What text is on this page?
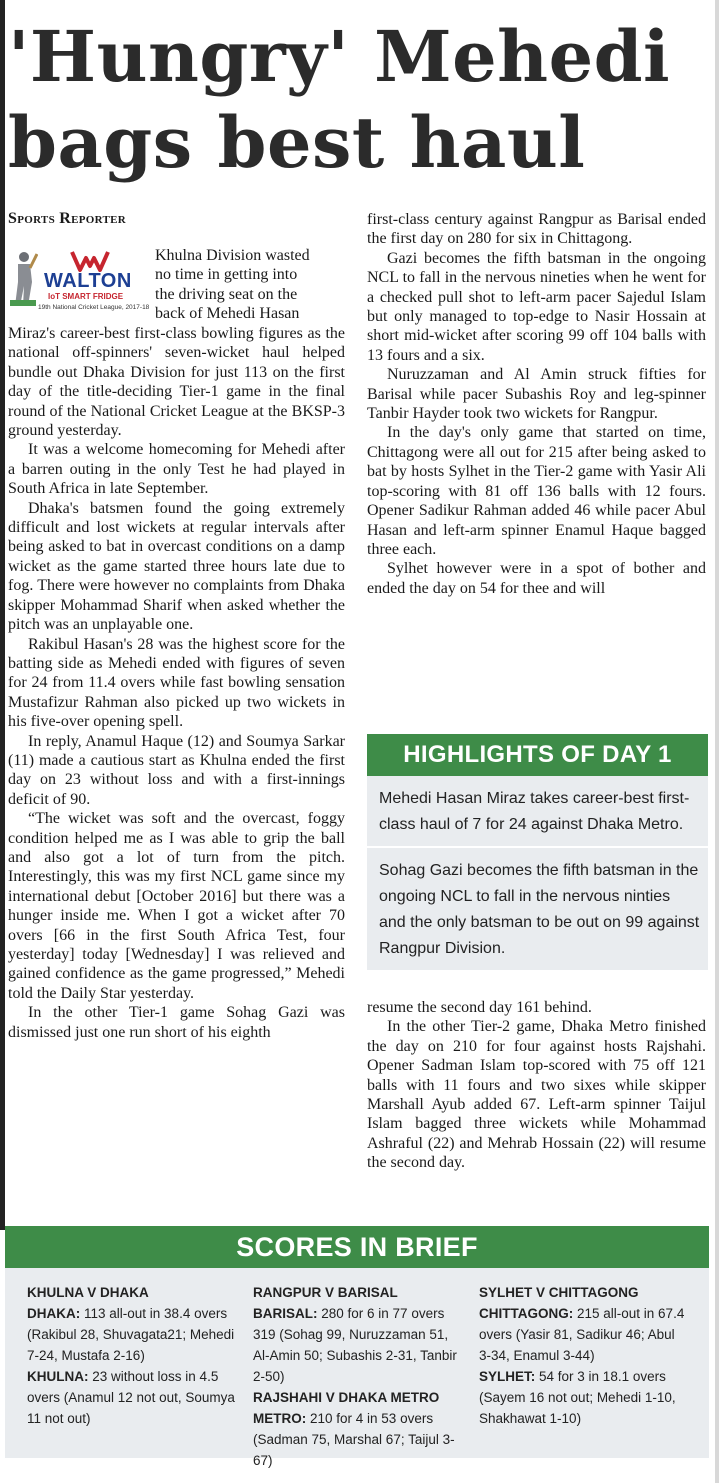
'Hungry' Mehedi
bags best haul
Sports Reporter
WALTON
IoT SMART FRIDGE
19th National Cricket League, 2017-18
Khulna Division wasted
no time in getting into
the driving seat on the
back of Mehedi Hasan

Miraz's career-best first-class bowling figures as the national off-spinners' seven-wicket haul helped bundle out Dhaka Division for just 113 on the first day of the title-deciding Tier-1 game in the final round of the National Cricket League at the BKSP-3 ground yesterday.

It was a welcome homecoming for Mehedi after a barren outing in the only Test he had played in South Africa in late September.

Dhaka's batsmen found the going extremely difficult and lost wickets at regular intervals after being asked to bat in overcast conditions on a damp wicket as the game started three hours late due to fog. There were however no complaints from Dhaka skipper Mohammad Sharif when asked whether the pitch was an unplayable one.

Rakibul Hasan's 28 was the highest score for the batting side as Mehedi ended with figures of seven for 24 from 11.4 overs while fast bowling sensation Mustafizur Rahman also picked up two wickets in his five-over opening spell.

In reply, Anamul Haque (12) and Soumya Sarkar (11) made a cautious start as Khulna ended the first day on 23 without loss and with a first-innings deficit of 90.

“The wicket was soft and the overcast, foggy condition helped me as I was able to grip the ball and also got a lot of turn from the pitch. Interestingly, this was my first NCL game since my international debut [October 2016] but there was a hunger inside me. When I got a wicket after 70 overs [66 in the first South Africa Test, four yesterday] today [Wednesday] I was relieved and gained confidence as the game progressed,” Mehedi told the Daily Star yesterday.

In the other Tier-1 game Sohag Gazi was dismissed just one run short of his eighth

first-class century against Rangpur as Barisal ended the first day on 280 for six in Chittagong.

Gazi becomes the fifth batsman in the ongoing NCL to fall in the nervous nineties when he went for a checked pull shot to left-arm pacer Sajedul Islam but only managed to top-edge to Nasir Hossain at short mid-wicket after scoring 99 off 104 balls with 13 fours and a six.

Nuruzzaman and Al Amin struck fifties for Barisal while pacer Subashis Roy and leg-spinner Tanbir Hayder took two wickets for Rangpur.

In the day's only game that started on time, Chittagong were all out for 215 after being asked to bat by hosts Sylhet in the Tier-2 game with Yasir Ali top-scoring with 81 off 136 balls with 12 fours. Opener Sadikur Rahman added 46 while pacer Abul Hasan and left-arm spinner Enamul Haque bagged three each.

Sylhet however were in a spot of bother and ended the day on 54 for thee and will

HIGHLIGHTS OF DAY 1
Mehedi Hasan Miraz takes career-best first-class haul of 7 for 24 against Dhaka Metro.
Sohag Gazi becomes the fifth batsman in the ongoing NCL to fall in the nervous ninties and the only batsman to be out on 99 against Rangpur Division.

resume the second day 161 behind.

In the other Tier-2 game, Dhaka Metro finished the day on 210 for four against hosts Rajshahi. Opener Sadman Islam top-scored with 75 off 121 balls with 11 fours and two sixes while skipper Marshall Ayub added 67. Left-arm spinner Taijul Islam bagged three wickets while Mohammad Ashraful (22) and Mehrab Hossain (22) will resume the second day.

SCORES IN BRIEF
KHULNA V DHAKA
DHAKA: 113 all-out in 38.4 overs (Rakibul 28, Shuvagata21; Mehedi 7-24, Mustafa 2-16)
KHULNA: 23 without loss in 4.5 overs (Anamul 12 not out, Soumya 11 not out)
RANGPUR V BARISAL
BARISAL: 280 for 6 in 77 overs 319 (Sohag 99, Nuruzzaman 51, Al-Amin 50; Subashis 2-31, Tanbir 2-50)
RAJSHAHI V DHAKA METRO
METRO: 210 for 4 in 53 overs (Sadman 75, Marshal 67; Taijul 3-67)
SYLHET V CHITTAGONG
CHITTAGONG: 215 all-out in 67.4 overs (Yasir 81, Sadikur 46; Abul 3-34, Enamul 3-44)
SYLHET: 54 for 3 in 18.1 overs (Sayem 16 not out; Mehedi 1-10, Shakhawat 1-10)
